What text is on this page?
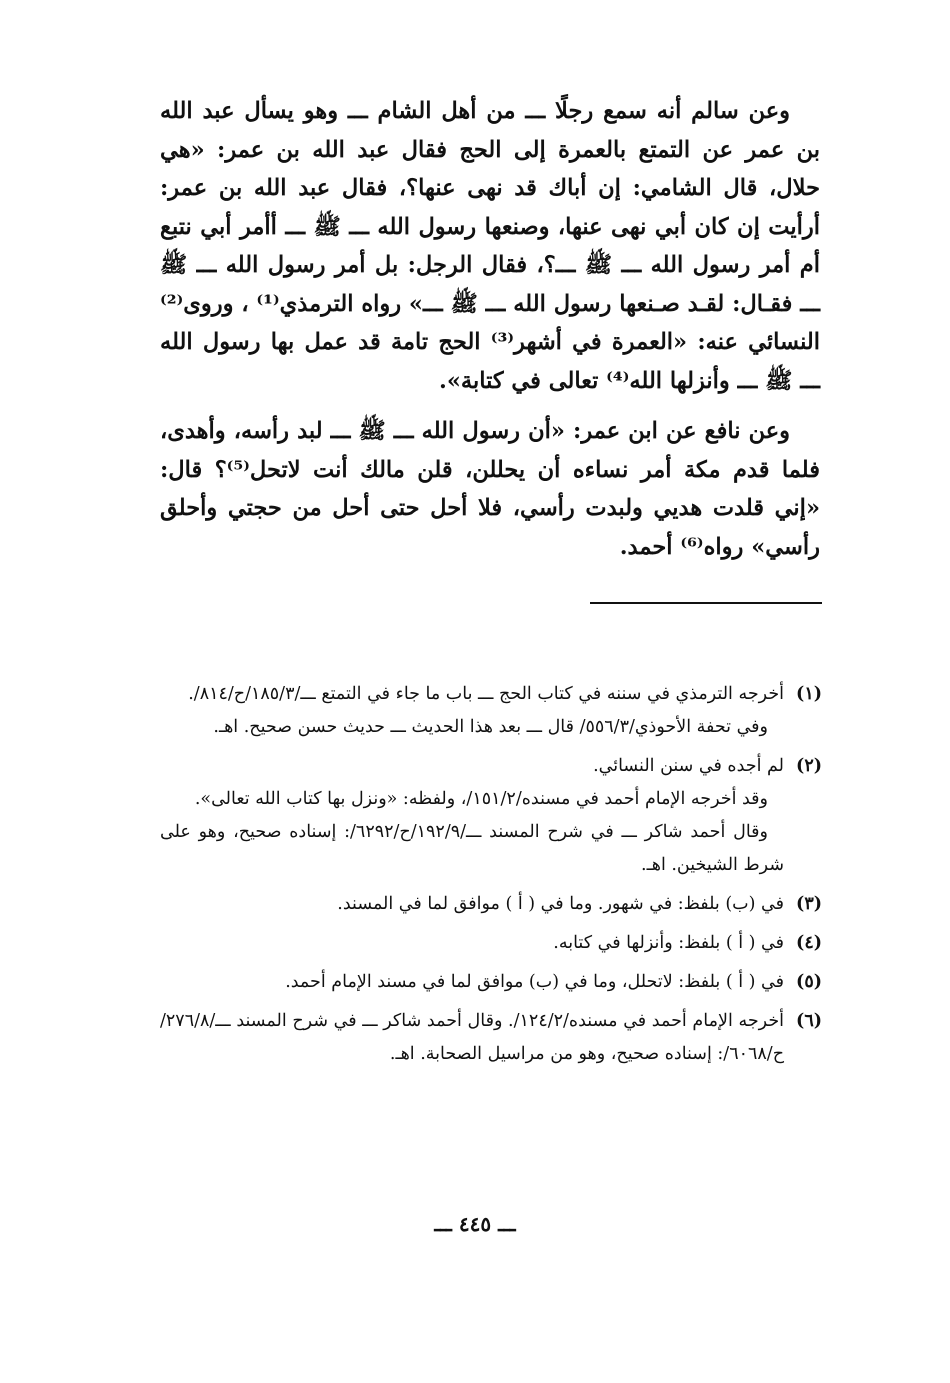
وعن سالم أنه سمع رجلًا ـــ من أهل الشام ـــ وهو يسأل عبد الله بن عمر عن التمتع بالعمرة إلى الحج فقال عبد الله بن عمر: «هي حلال، قال الشامي: إن أباك قد نهى عنها؟، فقال عبد الله بن عمر: أرأيت إن كان أبي نهى عنها، وصنعها رسول الله ـــ ﷺ ـــ أأمر أبي نتبع أم أمر رسول الله ـــ ﷺ ـــ؟، فقال الرجل: بل أمر رسول الله ـــ ﷺ ـــ فقـال: لقـد صـنعها رسول الله ـــ ﷺ ـــ» رواه الترمذي⁽¹⁾ ، وروى⁽²⁾ النسائي عنه: «العمرة في أشهر⁽³⁾ الحج تامة قد عمل بها رسول الله ـــ ﷺ ـــ وأنزلها الله⁽⁴⁾ تعالى في كتابة».

وعن نافع عن ابن عمر: «أن رسول الله ـــ ﷺ ـــ لبد رأسه، وأهدى، فلما قدم مكة أمر نساءه أن يحللن، قلن مالك أنت لاتحل⁽⁵⁾؟ قال: «إني قلدت هديي ولبدت رأسي، فلا أحل حتى أحل من حجتي وأحلق رأسي» رواه⁽⁶⁾ أحمد.

(١)

أخرجه الترمذي في سننه في كتاب الحج ـــ باب ما جاء في التمتع ـــ/١٨٥/٣/ح/٨١٤/.

وفي تحفة الأحوذي/٥٥٦/٣/ قال ـــ بعد هذا الحديث ـــ حديث حسن صحيح. اهـ.

(٢)

لم أجده في سنن النسائي.

وقد أخرجه الإمام أحمد في مسنده/١٥١/٢/، ولفظه: «ونزل بها كتاب الله تعالى».

وقال أحمد شاكر ـــ في شرح المسند ـــ/١٩٢/٩/ح/٦٢٩٢/: إسناده صحيح، وهو على شرط الشيخين. اهـ.

(٣)

في (ب) بلفظ: في شهور. وما في ( أ ) موافق لما في المسند.

(٤)

في ( أ ) بلفظ: وأنزلها في كتابه.

(٥)

في ( أ ) بلفظ: لاتحلل، وما في (ب) موافق لما في مسند الإمام أحمد.

(٦)

أخرجه الإمام أحمد في مسنده/١٢٤/٢/. وقال أحمد شاكر ـــ في شرح المسند ـــ/٢٧٦/٨/ح/٦٠٦٨/: إسناده صحيح، وهو من مراسيل الصحابة. اهـ.

ـــ ٤٤٥ ـــ
